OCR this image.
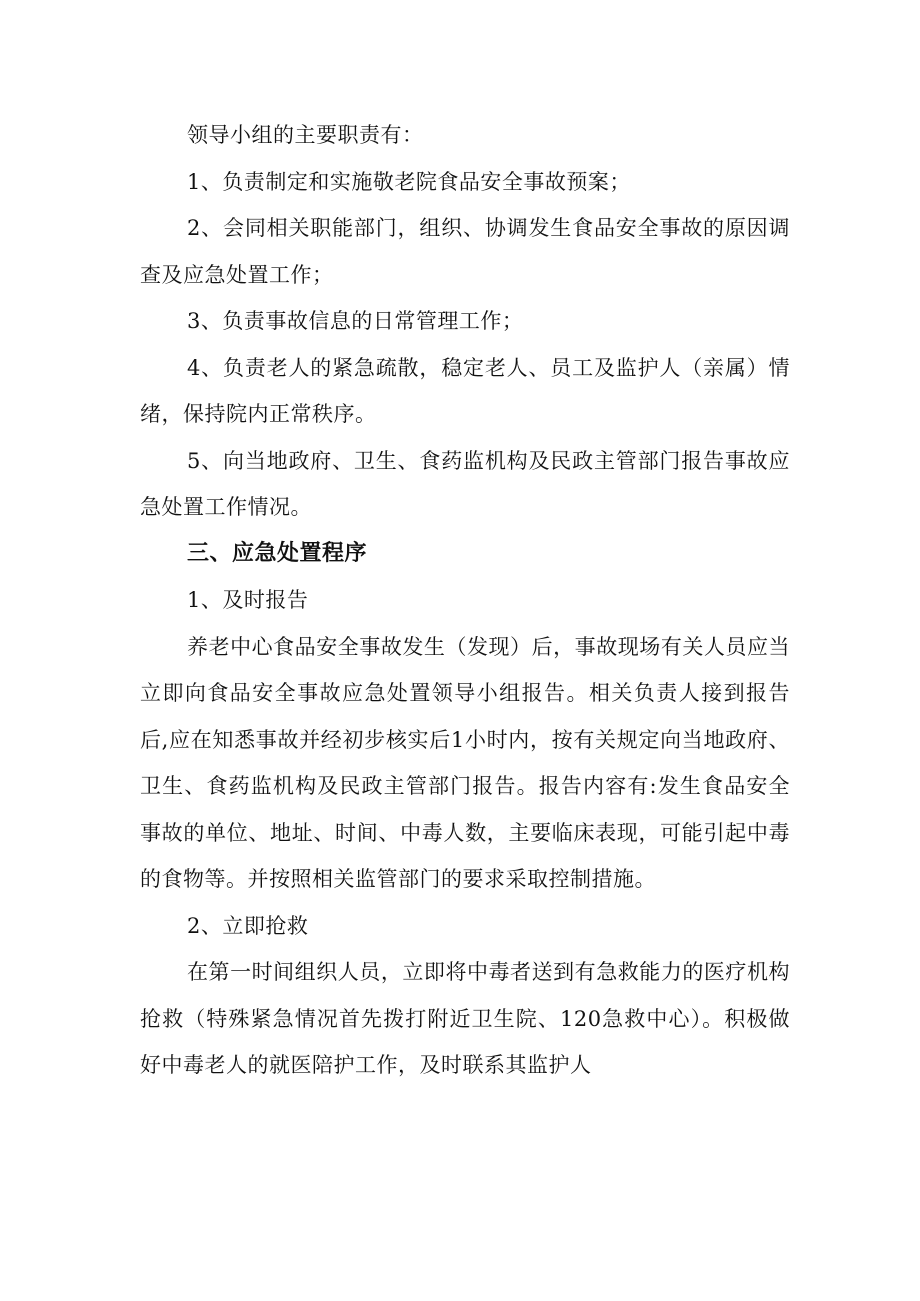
领导小组的主要职责有：

1、负责制定和实施敬老院食品安全事故预案；

2、会同相关职能部门，组织、协调发生食品安全事故的原因调查及应急处置工作；

3、负责事故信息的日常管理工作；

4、负责老人的紧急疏散，稳定老人、员工及监护人（亲属）情绪，保持院内正常秩序。

5、向当地政府、卫生、食药监机构及民政主管部门报告事故应急处置工作情况。

三、应急处置程序

1、及时报告

养老中心食品安全事故发生（发现）后，事故现场有关人员应当立即向食品安全事故应急处置领导小组报告。相关负责人接到报告后,应在知悉事故并经初步核实后1小时内，按有关规定向当地政府、卫生、食药监机构及民政主管部门报告。报告内容有:发生食品安全事故的单位、地址、时间、中毒人数，主要临床表现，可能引起中毒的食物等。并按照相关监管部门的要求采取控制措施。

2、立即抢救

在第一时间组织人员，立即将中毒者送到有急救能力的医疗机构抢救（特殊紧急情况首先拨打附近卫生院、120急救中心）。积极做好中毒老人的就医陪护工作，及时联系其监护人
